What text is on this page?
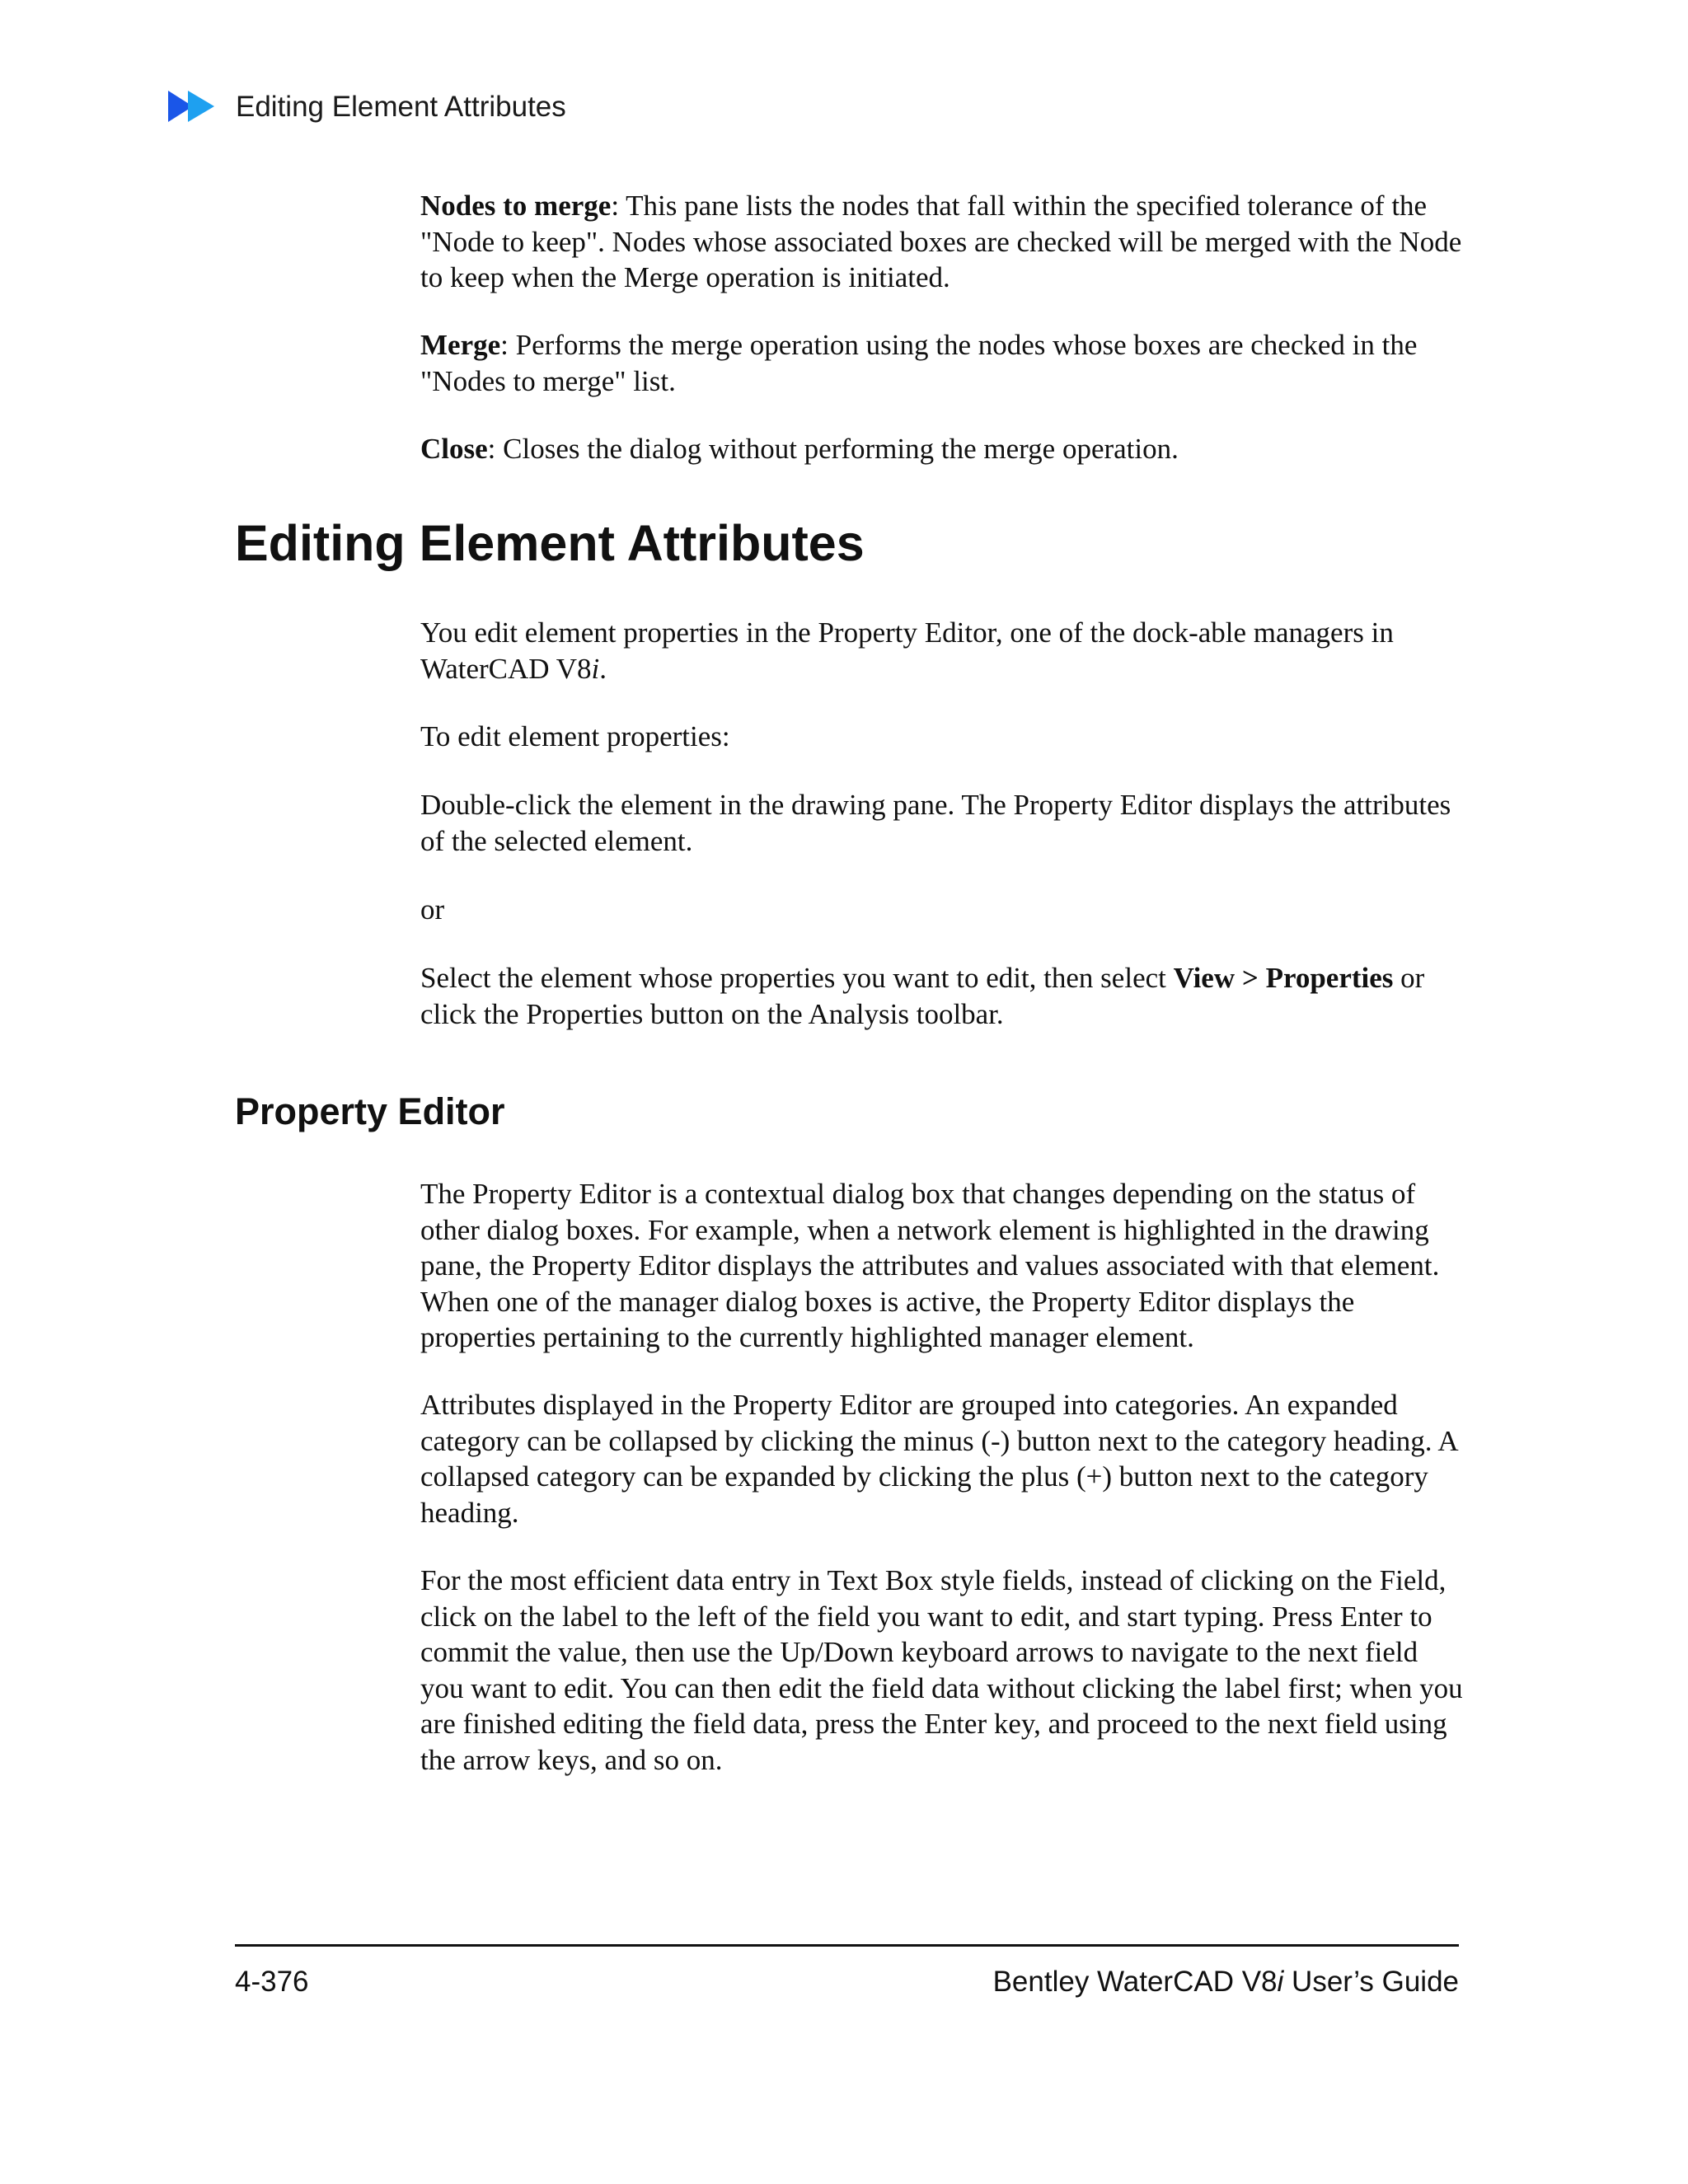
Editing Element Attributes

Nodes to merge: This pane lists the nodes that fall within the specified tolerance of the "Node to keep". Nodes whose associated boxes are checked will be merged with the Node to keep when the Merge operation is initiated.

Merge: Performs the merge operation using the nodes whose boxes are checked in the "Nodes to merge" list.

Close: Closes the dialog without performing the merge operation.

Editing Element Attributes

You edit element properties in the Property Editor, one of the dock-able managers in WaterCAD V8i.

To edit element properties:

Double-click the element in the drawing pane. The Property Editor displays the attributes of the selected element.

or

Select the element whose properties you want to edit, then select View > Properties or click the Properties button on the Analysis toolbar.

Property Editor

The Property Editor is a contextual dialog box that changes depending on the status of other dialog boxes. For example, when a network element is highlighted in the drawing pane, the Property Editor displays the attributes and values associated with that element. When one of the manager dialog boxes is active, the Property Editor displays the properties pertaining to the currently highlighted manager element.

Attributes displayed in the Property Editor are grouped into categories. An expanded category can be collapsed by clicking the minus (-) button next to the category heading. A collapsed category can be expanded by clicking the plus (+) button next to the category heading.

For the most efficient data entry in Text Box style fields, instead of clicking on the Field, click on the label to the left of the field you want to edit, and start typing. Press Enter to commit the value, then use the Up/Down keyboard arrows to navigate to the next field you want to edit. You can then edit the field data without clicking the label first; when you are finished editing the field data, press the Enter key, and proceed to the next field using the arrow keys, and so on.

4-376	Bentley WaterCAD V8i User’s Guide
